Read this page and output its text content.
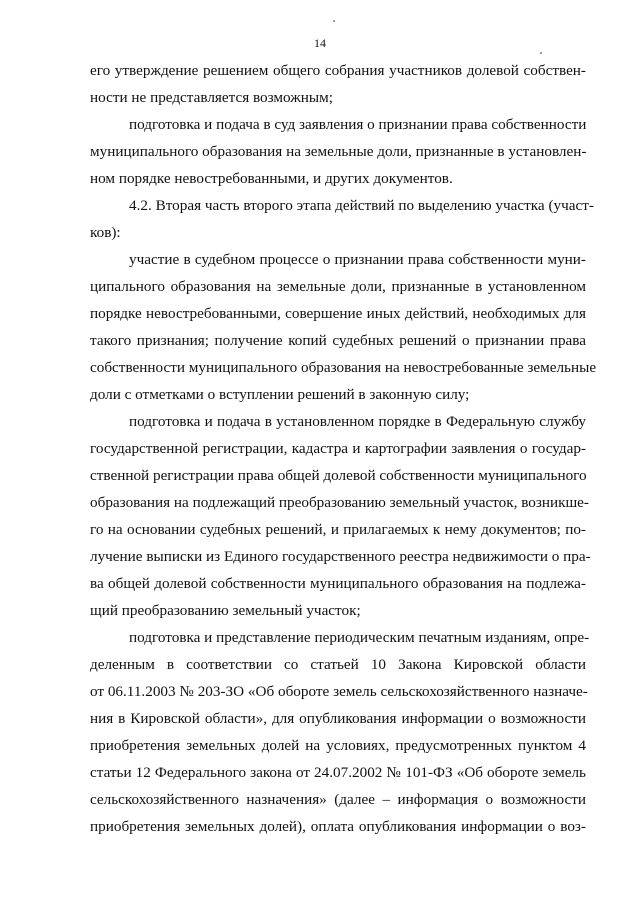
14
его утверждение решением общего собрания участников долевой собствен-
ности не представляется возможным;
подготовка и подача в суд заявления о признании права собственности
муниципального образования на земельные доли, признанные в установлен-
ном порядке невостребованными, и других документов.
4.2. Вторая часть второго этапа действий по выделению участка (участ-
ков):
участие в судебном процессе о признании права собственности муни-
ципального образования на земельные доли, признанные в установленном
порядке невостребованными, совершение иных действий, необходимых для
такого признания; получение копий судебных решений о признании права
собственности муниципального образования на невостребованные земельные
доли с отметками о вступлении решений в законную силу;
подготовка и подача в установленном порядке в Федеральную службу
государственной регистрации, кадастра и картографии заявления о государ-
ственной регистрации права общей долевой собственности муниципального
образования на подлежащий преобразованию земельный участок, возникше-
го на основании судебных решений, и прилагаемых к нему документов; по-
лучение выписки из Единого государственного реестра недвижимости о пра-
ва общей долевой собственности муниципального образования на подлежа-
щий преобразованию земельный участок;
подготовка и представление периодическим печатным изданиям, опре-
деленным в соответствии со статьей 10 Закона Кировской области
от 06.11.2003 № 203-ЗО «Об обороте земель сельскохозяйственного назначе-
ния в Кировской области», для опубликования информации о возможности
приобретения земельных долей на условиях, предусмотренных пунктом 4
статьи 12 Федерального закона от 24.07.2002 № 101-ФЗ «Об обороте земель
сельскохозяйственного назначения» (далее – информация о возможности
приобретения земельных долей), оплата опубликования информации о воз-
